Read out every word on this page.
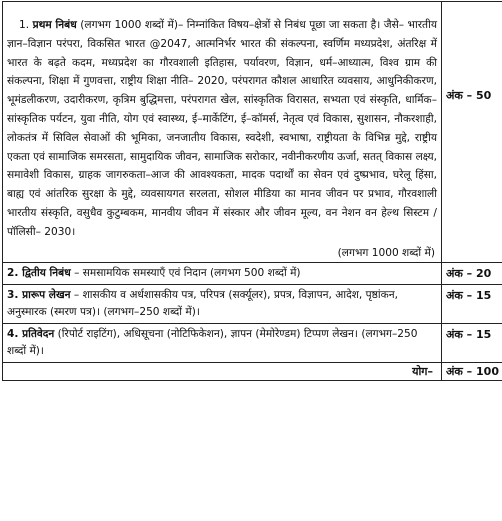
1. प्रथम निबंध (लगभग 1000 शब्दों में)– निम्नांकित विषय–क्षेत्रों से निबंध पूछा जा सकता है। जैसे– भारतीय ज्ञान–विज्ञान परंपरा, विकसित भारत @2047, आत्मनिर्भर भारत की संकल्पना, स्वर्णिम मध्यप्रदेश, अंतरिक्ष में भारत के बढ़ते कदम, मध्यप्रदेश का गौरवशाली इतिहास, पर्यावरण, विज्ञान, धर्म–आध्यात्म, विश्व ग्राम की संकल्पना, शिक्षा में गुणवत्ता, राष्ट्रीय शिक्षा नीति– 2020, परंपरागत कौशल आधारित व्यवसाय, आधुनिकीकरण, भूमंडलीकरण, उदारीकरण, कृत्रिम बुद्धिमत्ता, परंपरागत खेल, सांस्कृतिक विरासत, सभ्यता एवं संस्कृति, धार्मिक–सांस्कृतिक पर्यटन, युवा नीति, योग एवं स्वास्थ्य, ई–मार्केटिंग, ई–कॉमर्स, नेतृत्व एवं विकास, सुशासन, नौकरशाही, लोकतंत्र में सिविल सेवाओं की भूमिका, जनजातीय विकास, स्वदेशी, स्वभाषा, राष्ट्रीयता के विभिन्न मुद्दे, राष्ट्रीय एकता एवं सामाजिक समरसता, सामुदायिक जीवन, सामाजिक सरोकार, नवीनीकरणीय ऊर्जा, सतत् विकास लक्ष्य, समावेशी विकास, ग्राहक जागरुकता–आज की आवश्यकता, मादक पदार्थों का सेवन एवं दुष्प्रभाव, घरेलू हिंसा, बाह्य एवं आंतरिक सुरक्षा के मुद्दे, व्यवसायगत सरलता, सोशल मीडिया का मानव जीवन पर प्रभाव, गौरवशाली भारतीय संस्कृति, वसुधैव कुटुम्बकम, मानवीय जीवन में संस्कार और जीवन मूल्य, वन नेशन वन हेल्थ सिस्टम / पॉलिसी– 2030।
(लगभग 1000 शब्दों में)	अंक – 50

2. द्वितीय निबंध – समसामयिक समस्याएँ एवं निदान (लगभग 500 शब्दों में)	अंक – 20

3. प्रारूप लेखन – शासकीय व अर्धशासकीय पत्र, परिपत्र (सर्क्यूलर), प्रपत्र, विज्ञापन, आदेश, पृष्ठांकन, अनुस्मारक (स्मरण पत्र)। (लगभग–250 शब्दों में)।	अंक – 15

4. प्रतिवेदन (रिपोर्ट राइटिंग), अधिसूचना (नोटिफिकेशन), ज्ञापन (मेमोरेण्डम) टिप्पण लेखन। (लगभग–250 शब्दों में)।	अंक – 15

योग–	अंक – 100
